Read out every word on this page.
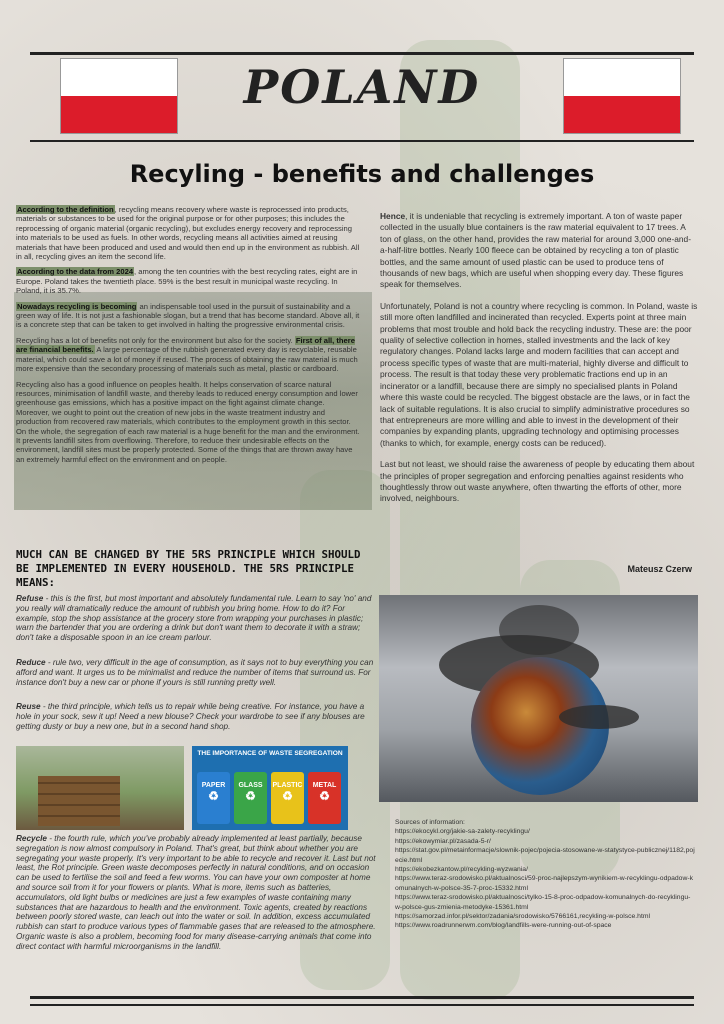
POLAND
Recyling - benefits and challenges

According to the definition, recycling means recovery where waste is reprocessed into products, materials or substances to be used for the original purpose or for other purposes; this includes the reprocessing of organic material (organic recycling), but excludes energy recovery and reprocessing into materials to be used as fuels. In other words, recycling means all activities aimed at reusing materials that have been produced and used and would then end up in the environment as rubbish. All in all, recycling gives an item the second life.

According to the data from 2024, among the ten countries with the best recycling rates, eight are in Europe. Poland takes the twentieth place. 59% is the best result in municipal waste recycling. In Poland, it is 35.7%.

Nowadays recycling is becoming an indispensable tool used in the pursuit of sustainability and a green way of life. It is not just a fashionable slogan, but a trend that has become standard. Above all, it is a concrete step that can be taken to get involved in halting the progressive environmental crisis.

Recycling has a lot of benefits not only for the environment but also for the society. First of all, there are financial benefits. A large percentage of the rubbish generated every day is recyclable, reusable material, which could save a lot of money if reused. The process of obtaining the raw material is much more expensive than the secondary processing of materials such as metal, plastic or cardboard.

Recycling also has a good influence on peoples health. It helps conservation of scarce natural resources, minimisation of landfill waste, and thereby leads to reduced energy consumption and lower greenhouse gas emissions, which has a positive impact on the fight against climate change. Moreover, we ought to point out the creation of new jobs in the waste treatment industry and production from recovered raw materials, which contributes to the employment growth in this sector.

On the whole, the segregation of each raw material is a huge benefit for the man and the environment. It prevents landfill sites from overflowing. Therefore, to reduce their undesirable effects on the environment, landfill sites must be properly protected. Some of the things that are thrown away have an extremely harmful effect on the environment and on people.

MUCH CAN BE CHANGED BY THE 5RS PRINCIPLE WHICH SHOULD BE IMPLEMENTED IN EVERY HOUSEHOLD. THE 5RS PRINCIPLE MEANS:
Refuse - this is the first, but most important and absolutely fundamental rule. Learn to say 'no' and you really will dramatically reduce the amount of rubbish you bring home. How to do it? For example, stop the shop assistance at the grocery store from wrapping your purchases in plastic; warn the bartender that you are ordering a drink but don't want them to decorate it with a straw; don't take a disposable spoon in an ice cream parlour.
Reduce - rule two, very difficult in the age of consumption, as it says not to buy everything you can afford and want. It urges us to be minimalist and reduce the number of items that surround us. For instance don't buy a new car or phone if yours is still running pretty well.
Reuse - the third principle, which tells us to repair while being creative. For instance, you have a hole in your sock, sew it up! Need a new blouse? Check your wardrobe to see if any blouses are getting dusty or buy a new one, but in a second hand shop.
THE IMPORTANCE OF WASTE SEGREGATION
PAPER
♻
GLASS
♻
PLASTIC
♻
METAL
♻
Recycle - the fourth rule, which you've probably already implemented at least partially, because segregation is now almost compulsory in Poland. That's great, but think about whether you are segregating your waste properly. It's very important to be able to recycle and recover it. Last but not least, the Rot principle. Green waste decomposes perfectly in natural conditions, and on occasion can be used to fertilise the soil and feed a few worms. You can have your own composter at home and source soil from it for your flowers or plants. What is more, items such as batteries, accumulators, old light bulbs or medicines are just a few examples of waste containing many substances that are hazardous to health and the environment. Toxic agents, created by reactions between poorly stored waste, can leach out into the water or soil. In addition, excess accumulated rubbish can start to produce various types of flammable gases that are released to the atmosphere. Organic waste is also a problem, becoming food for many disease-carrying animals that come into direct contact with harmful microorganisms in the landfill.

Hence, it is undeniable that recycling is extremely important. A ton of waste paper collected in the usually blue containers is the raw material equivalent to 17 trees. A ton of glass, on the other hand, provides the raw material for around 3,000 one-and-a-half-litre bottles. Nearly 100 fleece can be obtained by recycling a ton of plastic bottles, and the same amount of used plastic can be used to produce tens of thousands of new bags, which are useful when shopping every day. These figures speak for themselves.

Unfortunately, Poland is not a country where recycling is common. In Poland, waste is still more often landfilled and incinerated than recycled. Experts point at three main problems that most trouble and hold back the recycling industry. These are: the poor quality of selective collection in homes, stalled investments and the lack of key regulatory changes. Poland lacks large and modern facilities that can accept and process specific types of waste that are multi-material, highly diverse and difficult to process. The result is that today these very problematic fractions end up in an incinerator or a landfill, because there are simply no specialised plants in Poland where this waste could be recycled. The biggest obstacle are the laws, or in fact the lack of suitable regulations. It is also crucial to simplify administrative procedures so that entrepreneurs are more willing and able to invest in the development of their companies by expanding plants, upgrading technology and optimising processes (thanks to which, for example, energy costs can be reduced).

Last but not least, we should raise the awareness of people by educating them about the principles of proper segregation and enforcing penalties against residents who thoughtlessly throw out waste anywhere, often thwarting the efforts of other, more involved, neighbours.

Mateusz Czerw
Sources of information:
https://ekocykl.org/jakie-sa-zalety-recyklingu/
https://ekowymiar.pl/zasada-5-r/
https://stat.gov.pl/metainformacje/slownik-pojec/pojecia-stosowane-w-statystyce-publicznej/1182,pojecie.html
https://ekobezkantow.pl/recykling-wyzwania/
https://www.teraz-srodowisko.pl/aktualnosci/59-proc-najlepszym-wynikiem-w-recyklingu-odpadow-komunalnych-w-polsce-35-7-proc-15332.html
https://www.teraz-srodowisko.pl/aktualnosci/tylko-15-8-proc-odpadow-komunalnych-do-recyklingu-w-polsce-gus-zmienia-metodyke-15361.html
https://samorzad.infor.pl/sektor/zadania/srodowisko/5766161,recykling-w-polsce.html
https://www.roadrunnerwm.com/blog/landfills-were-running-out-of-space
